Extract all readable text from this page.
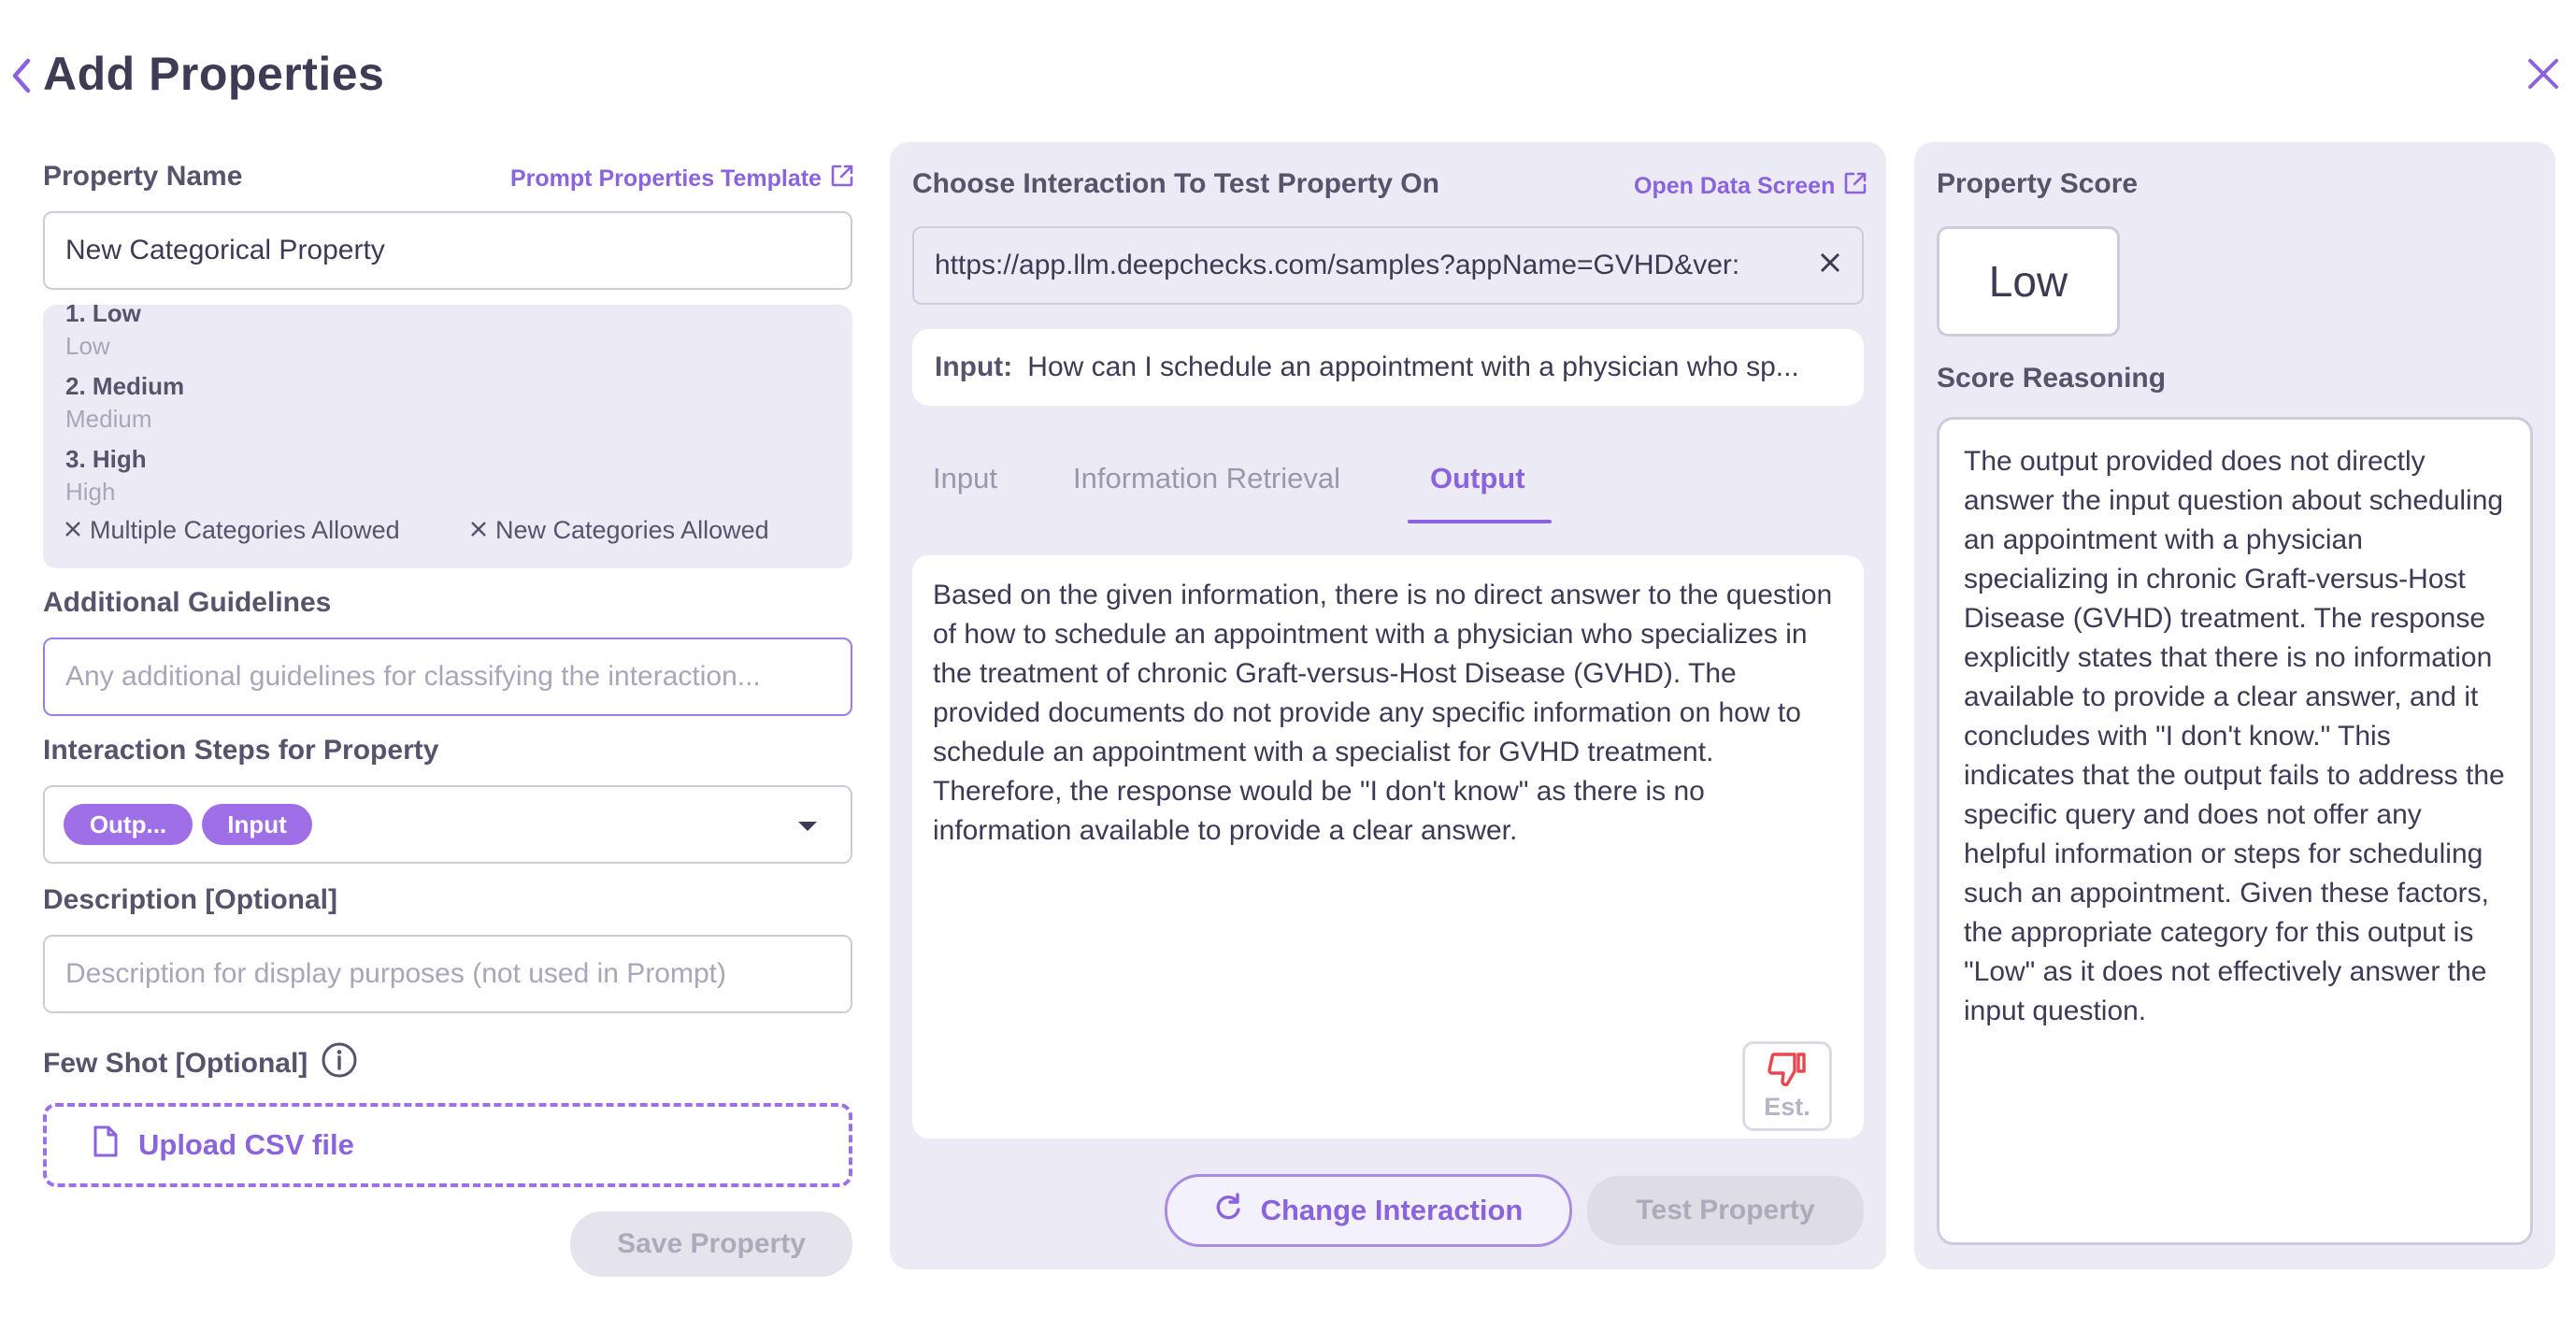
Add Properties
Property Name	Prompt Properties Template
New Categorical Property
1. Low
Low
2. Medium
Medium
3. High
High
Multiple Categories Allowed	New Categories Allowed
Additional Guidelines
Any additional guidelines for classifying the interaction...
Interaction Steps for Property
Outp...	Input
Description [Optional]
Description for display purposes (not used in Prompt)
Few Shot [Optional]
Upload CSV file
Save Property
Choose Interaction To Test Property On	Open Data Screen
https://app.llm.deepchecks.com/samples?appName=GVHD&ver:
Input: How can I schedule an appointment with a physician who sp...
Input	Information Retrieval	Output
Based on the given information, there is no direct answer to the question of how to schedule an appointment with a physician who specializes in the treatment of chronic Graft-versus-Host Disease (GVHD). The provided documents do not provide any specific information on how to schedule an appointment with a specialist for GVHD treatment. Therefore, the response would be "I don't know" as there is no information available to provide a clear answer.
Est.
Change Interaction	Test Property
Property Score
Low
Score Reasoning
The output provided does not directly answer the input question about scheduling an appointment with a physician specializing in chronic Graft-versus-Host Disease (GVHD) treatment. The response explicitly states that there is no information available to provide a clear answer, and it concludes with "I don't know." This indicates that the output fails to address the specific query and does not offer any helpful information or steps for scheduling such an appointment. Given these factors, the appropriate category for this output is "Low" as it does not effectively answer the input question.
